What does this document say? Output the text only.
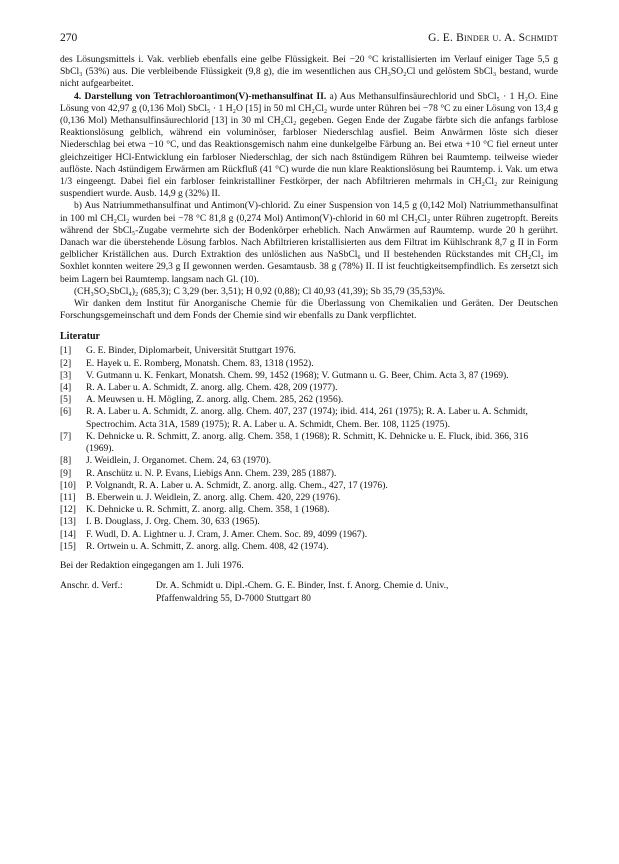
270	G. E. Binder u. A. Schmidt

des Lösungsmittels i. Vak. verblieb ebenfalls eine gelbe Flüssigkeit. Bei −20 °C kristallisierten im Verlauf einiger Tage 5,5 g SbCl₃ (53%) aus. Die verbleibende Flüssigkeit (9,8 g), die im wesentlichen aus CH₃SO₂Cl und gelöstem SbCl₃ bestand, wurde nicht aufgearbeitet.

4. Darstellung von Tetrachloroantimon(V)-methansulfinat II. a) Aus Methansulfinsäurechlorid und SbCl₅ · 1 H₂O. Eine Lösung von 42,97 g (0,136 Mol) SbCl₅ · 1 H₂O [15] in 50 ml CH₂Cl₂ wurde unter Rühren bei −78 °C zu einer Lösung von 13,4 g (0,136 Mol) Methansulfinsäurechlorid [13] in 30 ml CH₂Cl₂ gegeben. Gegen Ende der Zugabe färbte sich die anfangs farblose Reaktionslösung gelblich, während ein voluminöser, farbloser Niederschlag ausfiel. Beim Anwärmen löste sich dieser Niederschlag bei etwa −10 °C, und das Reaktionsgemisch nahm eine dunkelgelbe Färbung an. Bei etwa +10 °C fiel erneut unter gleichzeitiger HCl-Entwicklung ein farbloser Niederschlag, der sich nach 8stündigem Rühren bei Raumtemp. teilweise wieder auflöste. Nach 4stündigem Erwärmen am Rückfluß (41 °C) wurde die nun klare Reaktionslösung bei Raumtemp. i. Vak. um etwa 1/3 eingeengt. Dabei fiel ein farbloser feinkristalliner Festkörper, der nach Abfiltrieren mehrmals in CH₂Cl₂ zur Reinigung suspendiert wurde. Ausb. 14,9 g (32%) II.

b) Aus Natriummethansulfinat und Antimon(V)-chlorid. Zu einer Suspension von 14,5 g (0,142 Mol) Natriummethansulfinat in 100 ml CH₂Cl₂ wurden bei −78 °C 81,8 g (0,274 Mol) Antimon(V)-chlorid in 60 ml CH₂Cl₂ unter Rühren zugetropft. Bereits während der SbCl₅-Zugabe vermehrte sich der Bodenkörper erheblich. Nach Anwärmen auf Raumtemp. wurde 20 h gerührt. Danach war die überstehende Lösung farblos. Nach Abfiltrieren kristallisierten aus dem Filtrat im Kühlschrank 8,7 g II in Form gelblicher Kriställchen aus. Durch Extraktion des unlöslichen aus NaSbCl₆ und II bestehenden Rückstandes mit CH₂Cl₂ im Soxhlet konnten weitere 29,3 g II gewonnen werden. Gesamtausb. 38 g (78%) II. II ist feuchtigkeitsempfindlich. Es zersetzt sich beim Lagern bei Raumtemp. langsam nach Gl. (10).

(CH₃SO₂SbCl₄)₂ (685,3); C 3,29 (ber. 3,51); H 0,92 (0,88); Cl 40,93 (41,39); Sb 35,79 (35,53)%.

Wir danken dem Institut für Anorganische Chemie für die Überlassung von Chemikalien und Geräten. Der Deutschen Forschungsgemeinschaft und dem Fonds der Chemie sind wir ebenfalls zu Dank verpflichtet.

Literatur
[1]	G. E. Binder, Diplomarbeit, Universität Stuttgart 1976.
[2]	E. Hayek u. E. Romberg, Monatsh. Chem. 83, 1318 (1952).
[3]	V. Gutmann u. K. Fenkart, Monatsh. Chem. 99, 1452 (1968); V. Gutmann u. G. Beer, Chim. Acta 3, 87 (1969).
[4]	R. A. Laber u. A. Schmidt, Z. anorg. allg. Chem. 428, 209 (1977).
[5]	A. Meuwsen u. H. Mögling, Z. anorg. allg. Chem. 285, 262 (1956).
[6]	R. A. Laber u. A. Schmidt, Z. anorg. allg. Chem. 407, 237 (1974); ibid. 414, 261 (1975); R. A. Laber u. A. Schmidt, Spectrochim. Acta 31A, 1589 (1975); R. A. Laber u. A. Schmidt, Chem. Ber. 108, 1125 (1975).
[7]	K. Dehnicke u. R. Schmitt, Z. anorg. allg. Chem. 358, 1 (1968); R. Schmitt, K. Dehnicke u. E. Fluck, ibid. 366, 316 (1969).
[8]	J. Weidlein, J. Organomet. Chem. 24, 63 (1970).
[9]	R. Anschütz u. N. P. Evans, Liebigs Ann. Chem. 239, 285 (1887).
[10]	P. Volgnandt, R. A. Laber u. A. Schmidt, Z. anorg. allg. Chem., 427, 17 (1976).
[11]	B. Eberwein u. J. Weidlein, Z. anorg. allg. Chem. 420, 229 (1976).
[12]	K. Dehnicke u. R. Schmitt, Z. anorg. allg. Chem. 358, 1 (1968).
[13]	I. B. Douglass, J. Org. Chem. 30, 633 (1965).
[14]	F. Wudl, D. A. Lightner u. J. Cram, J. Amer. Chem. Soc. 89, 4099 (1967).
[15]	R. Ortwein u. A. Schmitt, Z. anorg. allg. Chem. 408, 42 (1974).
Bei der Redaktion eingegangen am 1. Juli 1976.
Anschr. d. Verf.:	Dr. A. Schmidt u. Dipl.-Chem. G. E. Binder, Inst. f. Anorg. Chemie d. Univ.,
Pfaffenwaldring 55, D-7000 Stuttgart 80
